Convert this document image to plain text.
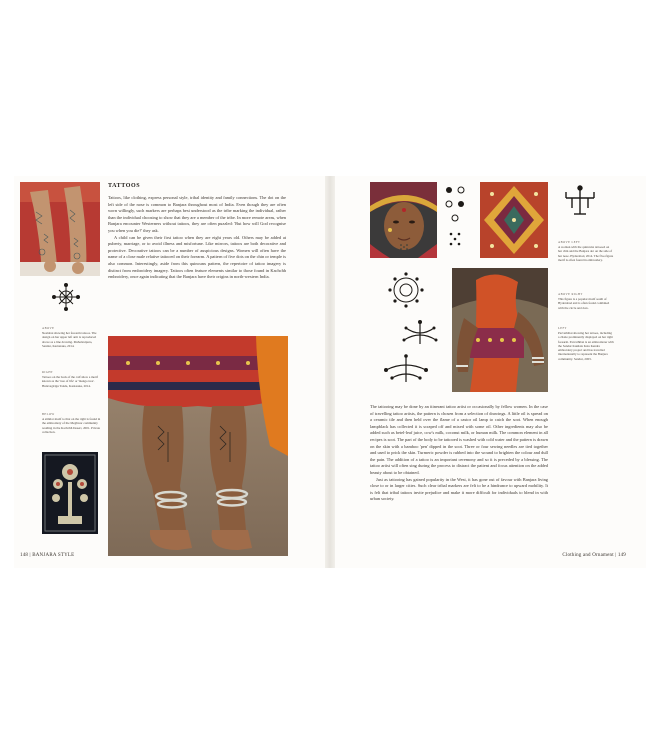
ABOVE

Neelabai showing her forearm tattoos. The design on her upper left arm is reproduced above as a line drawing. Mahalaxipura, Sandur, Karnataka, 2014.

RIGHT

Tattoos on the back of the calf show a motif known as the 'tree of life' or 'mango tree'. Hulavagirigu Tanda, Karnataka, 2014.

BELOW

A similar motif to that on the right is found in the embroidery of the Meghwar community residing in the Kachchh Desert, 2001. Private collection.

TATTOOS

Tattoos, like clothing, express personal style, tribal identity and family connections. The dot on the left side of the nose is common to Banjara throughout most of India. Even though they are often worn willingly, such markers are perhaps best understood as the tribe marking the individual, rather than the individual choosing to show that they are a member of the tribe. In more remote areas, when Banjara encounter Westerners without tattoos, they are often puzzled: 'But how will God recognise you when you die?' they ask.

A child can be given their first tattoo when they are eight years old. Others may be added at puberty, marriage, or to avoid illness and misfortune. Like mirrors, tattoos are both decorative and protective. Decorative tattoos can be a number of auspicious designs. Women will often have the name of a close male relative tattooed on their forearm. A pattern of five dots on the chin or temple is also common. Interestingly, aside from this quincunx pattern, the repertoire of tattoo imagery is distinct from embroidery imagery. Tattoos often feature elements similar to those found in Kachchh embroidery, once again indicating that the Banjara have their origins in north-western India.

148 | BANJARA STYLE

ABOVE LEFT

A woman with the quincunx tattooed on her chin and the Banjara dot on the side of her nose. Hyderabad, 2014. The five-figure motif is often found in embroidery.

ABOVE RIGHT

This figure is a popular motif south of Hyderabad and is often found combined with the circle and dots.

LEFT

Parvathibai showing her tattoos, including a chatte prominently displayed on her right forearm. Parvathibai is an embroiderer with the Sandur Kushala Kala Kendra embroidery project and has travelled internationally to represent the Banjara community. Sandur, 2003.

The tattooing may be done by an itinerant tattoo artist or occasionally by fellow women. In the case of travelling tattoo artists, the pattern is chosen from a selection of drawings. A little oil is spread on a ceramic tile and then held over the flame of a castor oil lamp to catch the soot. When enough lampblack has collected it is scraped off and mixed with some oil. Other ingredients may also be added such as betel-leaf juice, cow's milk, coconut milk, or human milk. The common element in all recipes is soot. The part of the body to be tattooed is washed with cold water and the pattern is drawn on the skin with a bamboo 'pen' dipped in the soot. Three or four sewing needles are tied together and used to prick the skin. Turmeric powder is rubbed into the wound to brighten the colour and dull the pain. The addition of a tattoo is an important ceremony and so it is preceded by a blessing. The tattoo artist will often sing during the process to distract the patient and focus attention on the added beauty about to be obtained.

Just as tattooing has gained popularity in the West, it has gone out of favour with Banjara living close to or in larger cities. Such clear tribal markers are felt to be a hindrance to upward mobility. It is felt that tribal tattoos invite prejudice and make it more difficult for individuals to blend in with urban society.

Clothing and Ornament | 149
